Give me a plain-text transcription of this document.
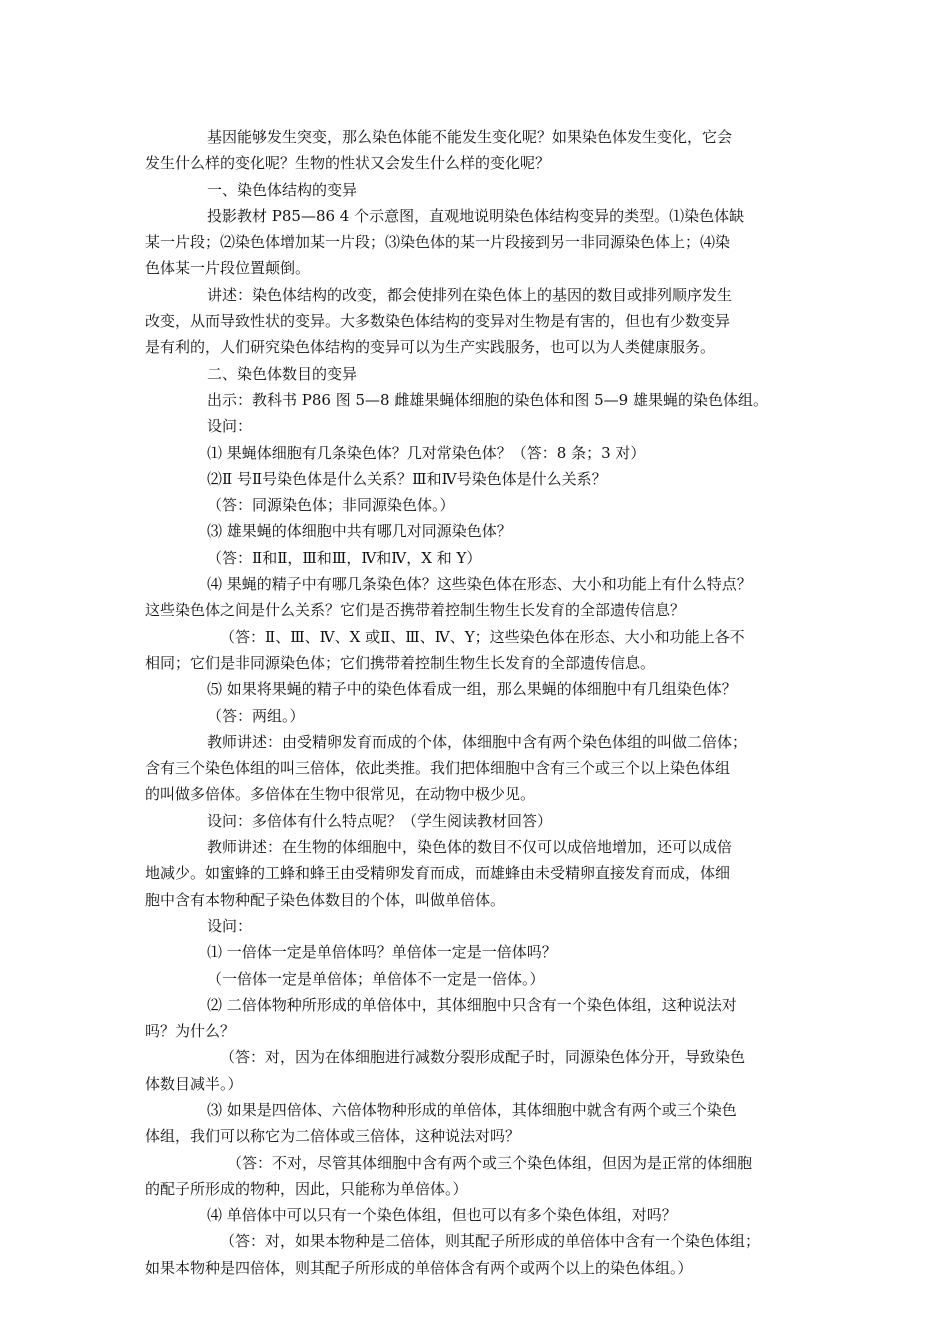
基因能够发生突变，那么染色体能不能发生变化呢？如果染色体发生变化，它会
发生什么样的变化呢？生物的性状又会发生什么样的变化呢？
一、染色体结构的变异
投影教材 P85—86 4 个示意图，直观地说明染色体结构变异的类型。⑴染色体缺
某一片段；⑵染色体增加某一片段；⑶染色体的某一片段接到另一非同源染色体上；⑷染
色体某一片段位置颠倒。
讲述：染色体结构的改变，都会使排列在染色体上的基因的数目或排列顺序发生
改变，从而导致性状的变异。大多数染色体结构的变异对生物是有害的，但也有少数变异
是有利的，人们研究染色体结构的变异可以为生产实践服务，也可以为人类健康服务。
二、染色体数目的变异
出示：教科书 P86 图 5—8 雌雄果蝇体细胞的染色体和图 5—9 雄果蝇的染色体组。
设问：
⑴ 果蝇体细胞有几条染色体？几对常染色体？（答：8 条；3 对）
⑵Ⅱ 号Ⅱ号染色体是什么关系？Ⅲ和Ⅳ号染色体是什么关系？
（答：同源染色体；非同源染色体。）
⑶ 雄果蝇的体细胞中共有哪几对同源染色体？
（答：Ⅱ和Ⅱ，Ⅲ和Ⅲ，Ⅳ和Ⅳ，X 和 Y）
⑷ 果蝇的精子中有哪几条染色体？这些染色体在形态、大小和功能上有什么特点？
这些染色体之间是什么关系？它们是否携带着控制生物生长发育的全部遗传信息？
（答：Ⅱ、Ⅲ、Ⅳ、X 或Ⅱ、Ⅲ、Ⅳ、Y；这些染色体在形态、大小和功能上各不
相同；它们是非同源染色体；它们携带着控制生物生长发育的全部遗传信息。
⑸ 如果将果蝇的精子中的染色体看成一组，那么果蝇的体细胞中有几组染色体？
（答：两组。）
教师讲述：由受精卵发育而成的个体，体细胞中含有两个染色体组的叫做二倍体；
含有三个染色体组的叫三倍体，依此类推。我们把体细胞中含有三个或三个以上染色体组
的叫做多倍体。多倍体在生物中很常见，在动物中极少见。
设问：多倍体有什么特点呢？（学生阅读教材回答）
教师讲述：在生物的体细胞中，染色体的数目不仅可以成倍地增加，还可以成倍
地减少。如蜜蜂的工蜂和蜂王由受精卵发育而成，而雄蜂由未受精卵直接发育而成，体细
胞中含有本物种配子染色体数目的个体，叫做单倍体。
设问：
⑴ 一倍体一定是单倍体吗？单倍体一定是一倍体吗？
（一倍体一定是单倍体；单倍体不一定是一倍体。）
⑵ 二倍体物种所形成的单倍体中，其体细胞中只含有一个染色体组，这种说法对
吗？为什么？
（答：对，因为在体细胞进行减数分裂形成配子时，同源染色体分开，导致染色
体数目减半。）
⑶ 如果是四倍体、六倍体物种形成的单倍体，其体细胞中就含有两个或三个染色
体组，我们可以称它为二倍体或三倍体，这种说法对吗？
（答：不对，尽管其体细胞中含有两个或三个染色体组，但因为是正常的体细胞
的配子所形成的物种，因此，只能称为单倍体。）
⑷ 单倍体中可以只有一个染色体组，但也可以有多个染色体组，对吗？
（答：对，如果本物种是二倍体，则其配子所形成的单倍体中含有一个染色体组；
如果本物种是四倍体，则其配子所形成的单倍体含有两个或两个以上的染色体组。）
